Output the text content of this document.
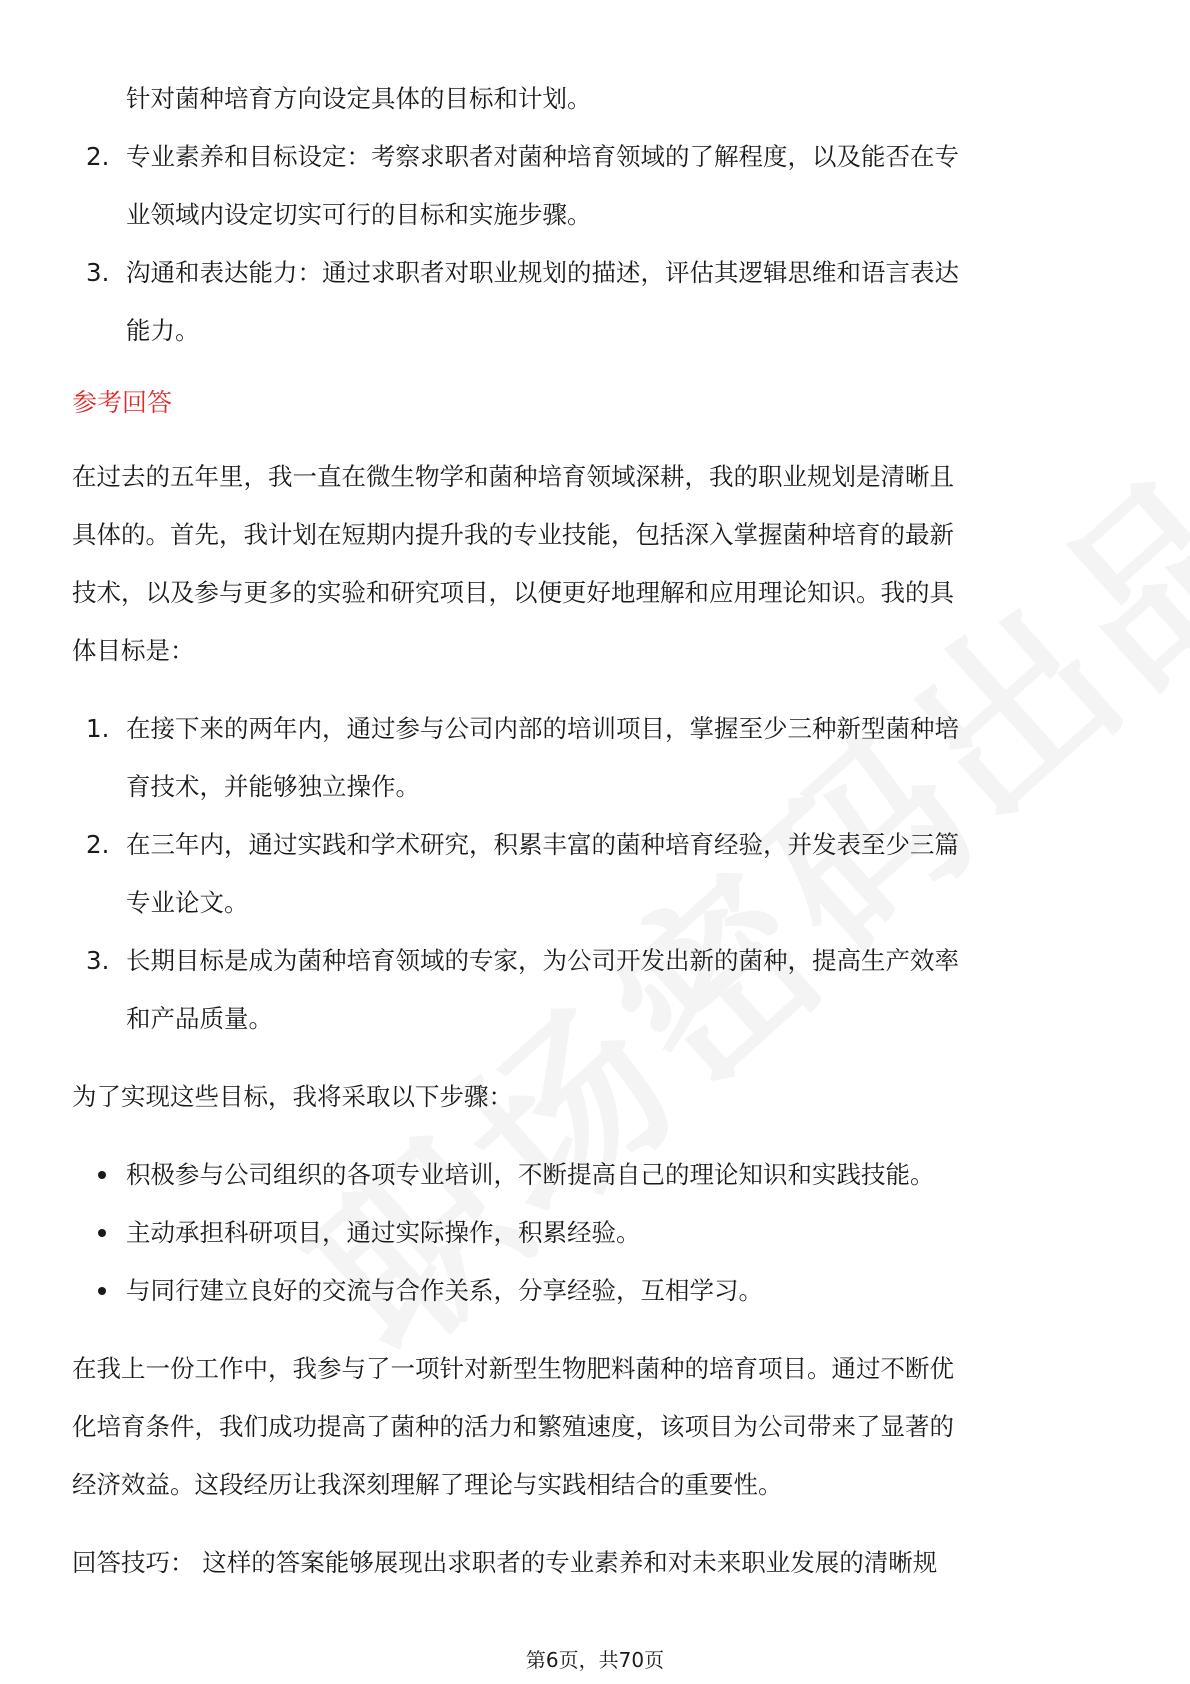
针对菌种培育方向设定具体的目标和计划。
2. 专业素养和目标设定：考察求职者对菌种培育领域的了解程度，以及能否在专
业领域内设定切实可行的目标和实施步骤。
3. 沟通和表达能力：通过求职者对职业规划的描述，评估其逻辑思维和语言表达
能力。
参考回答
在过去的五年里，我一直在微生物学和菌种培育领域深耕，我的职业规划是清晰且
具体的。首先，我计划在短期内提升我的专业技能，包括深入掌握菌种培育的最新
技术，以及参与更多的实验和研究项目，以便更好地理解和应用理论知识。我的具
体目标是：
1. 在接下来的两年内，通过参与公司内部的培训项目，掌握至少三种新型菌种培
育技术，并能够独立操作。
2. 在三年内，通过实践和学术研究，积累丰富的菌种培育经验，并发表至少三篇
专业论文。
3. 长期目标是成为菌种培育领域的专家，为公司开发出新的菌种，提高生产效率
和产品质量。
为了实现这些目标，我将采取以下步骤：
积极参与公司组织的各项专业培训，不断提高自己的理论知识和实践技能。
主动承担科研项目，通过实际操作，积累经验。
与同行建立良好的交流与合作关系，分享经验，互相学习。
在我上一份工作中，我参与了一项针对新型生物肥料菌种的培育项目。通过不断优
化培育条件，我们成功提高了菌种的活力和繁殖速度，该项目为公司带来了显著的
经济效益。这段经历让我深刻理解了理论与实践相结合的重要性。
回答技巧： 这样的答案能够展现出求职者的专业素养和对未来职业发展的清晰规
第6页，共70页
